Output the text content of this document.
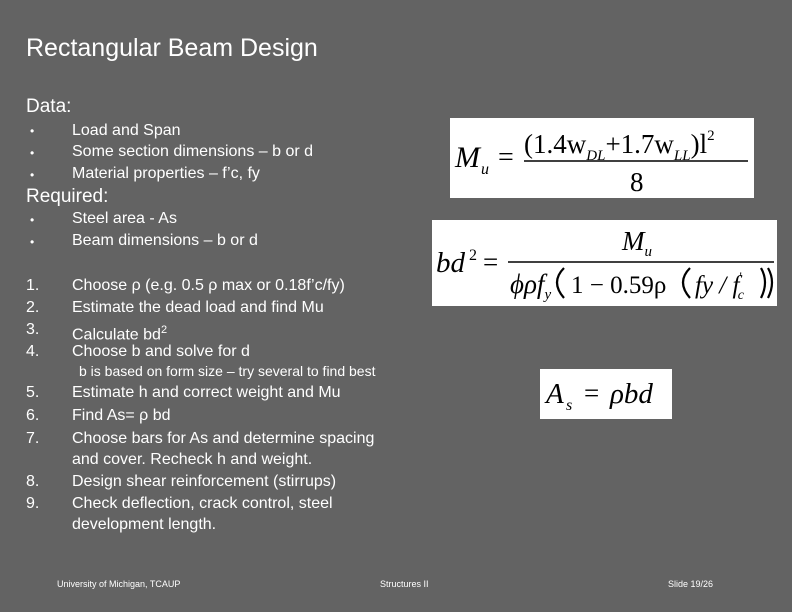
Rectangular Beam Design
Data:
• Load and Span
• Some section dimensions – b or d
• Material properties – f’c, fy
Required:
• Steel area - As
• Beam dimensions – b or d
1. Choose ρ (e.g. 0.5 ρ max or 0.18f’c/fy)
2. Estimate the dead load and find Mu
3. Calculate $bd^2$
4. Choose b and solve for d
b is based on form size – try several to find best
5. Estimate h and correct weight and Mu
6. Find As= ρ bd
7. Choose bars for As and determine spacing
and cover. Recheck h and weight.
8. Design shear reinforcement (stirrups)
9. Check deflection, crack control, steel
development length.
M $u = (1.4w_{DL}+1.7w_{LL})l^2$
8
bd 2 =
$M_u$
ϕρf$_y$ 1 − 0.59ρ fy / f' c
A s = ρbd
University of Michigan, TCAUP	Structures II	Slide 19/26
